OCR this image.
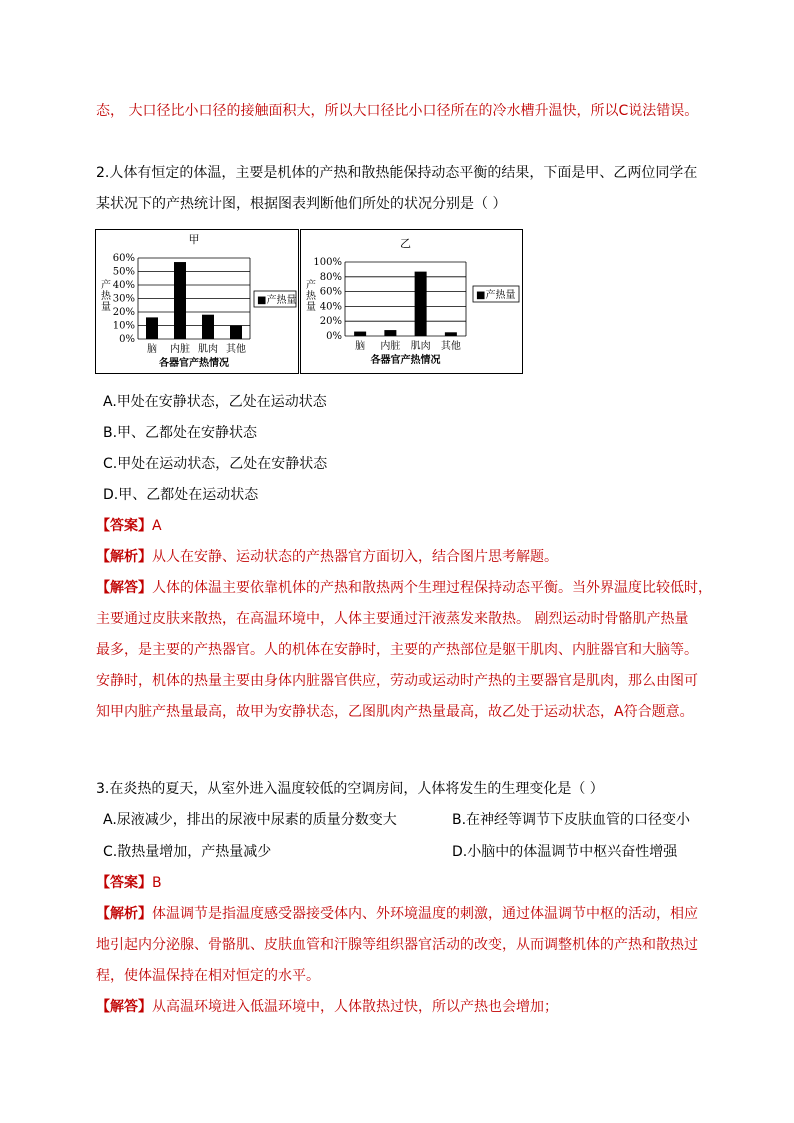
态， 大口径比小口径的接触面积大，所以大口径比小口径所在的冷水槽升温快，所以C说法错误。
2.人体有恒定的体温，主要是机体的产热和散热能保持动态平衡的结果，下面是甲、乙两位同学在
某状况下的产热统计图，根据图表判断他们所处的状况分别是（ ）
甲
0%
10%
20%
30%
40%
50%
60%
脑 内脏 肌肉 其他
产热量
各器官产热情况
■产热量
乙
0%
20%
40%
60%
80%
100%
脑 内脏 肌肉 其他
产热量
各器官产热情况
■产热量
A.甲处在安静状态，乙处在运动状态
B.甲、乙都处在安静状态
C.甲处在运动状态，乙处在安静状态
D.甲、乙都处在运动状态
【答案】A
【解析】从人在安静、运动状态的产热器官方面切入，结合图片思考解题。
【解答】人体的体温主要依靠机体的产热和散热两个生理过程保持动态平衡。当外界温度比较低时，
主要通过皮肤来散热，在高温环境中，人体主要通过汗液蒸发来散热。 剧烈运动时骨骼肌产热量
最多，是主要的产热器官。人的机体在安静时，主要的产热部位是躯干肌肉、内脏器官和大脑等。
安静时，机体的热量主要由身体内脏器官供应，劳动或运动时产热的主要器官是肌肉，那么由图可
知甲内脏产热量最高，故甲为安静状态，乙图肌肉产热量最高，故乙处于运动状态，A符合题意。
3.在炎热的夏天，从室外进入温度较低的空调房间，人体将发生的生理变化是（ ）
A.尿液减少，排出的尿液中尿素的质量分数变大	B.在神经等调节下皮肤血管的口径变小
C.散热量增加，产热量减少	D.小脑中的体温调节中枢兴奋性增强
【答案】B
【解析】体温调节是指温度感受器接受体内、外环境温度的刺激，通过体温调节中枢的活动，相应
地引起内分泌腺、骨骼肌、皮肤血管和汗腺等组织器官活动的改变，从而调整机体的产热和散热过
程，使体温保持在相对恒定的水平。
【解答】从高温环境进入低温环境中，人体散热过快，所以产热也会增加；
